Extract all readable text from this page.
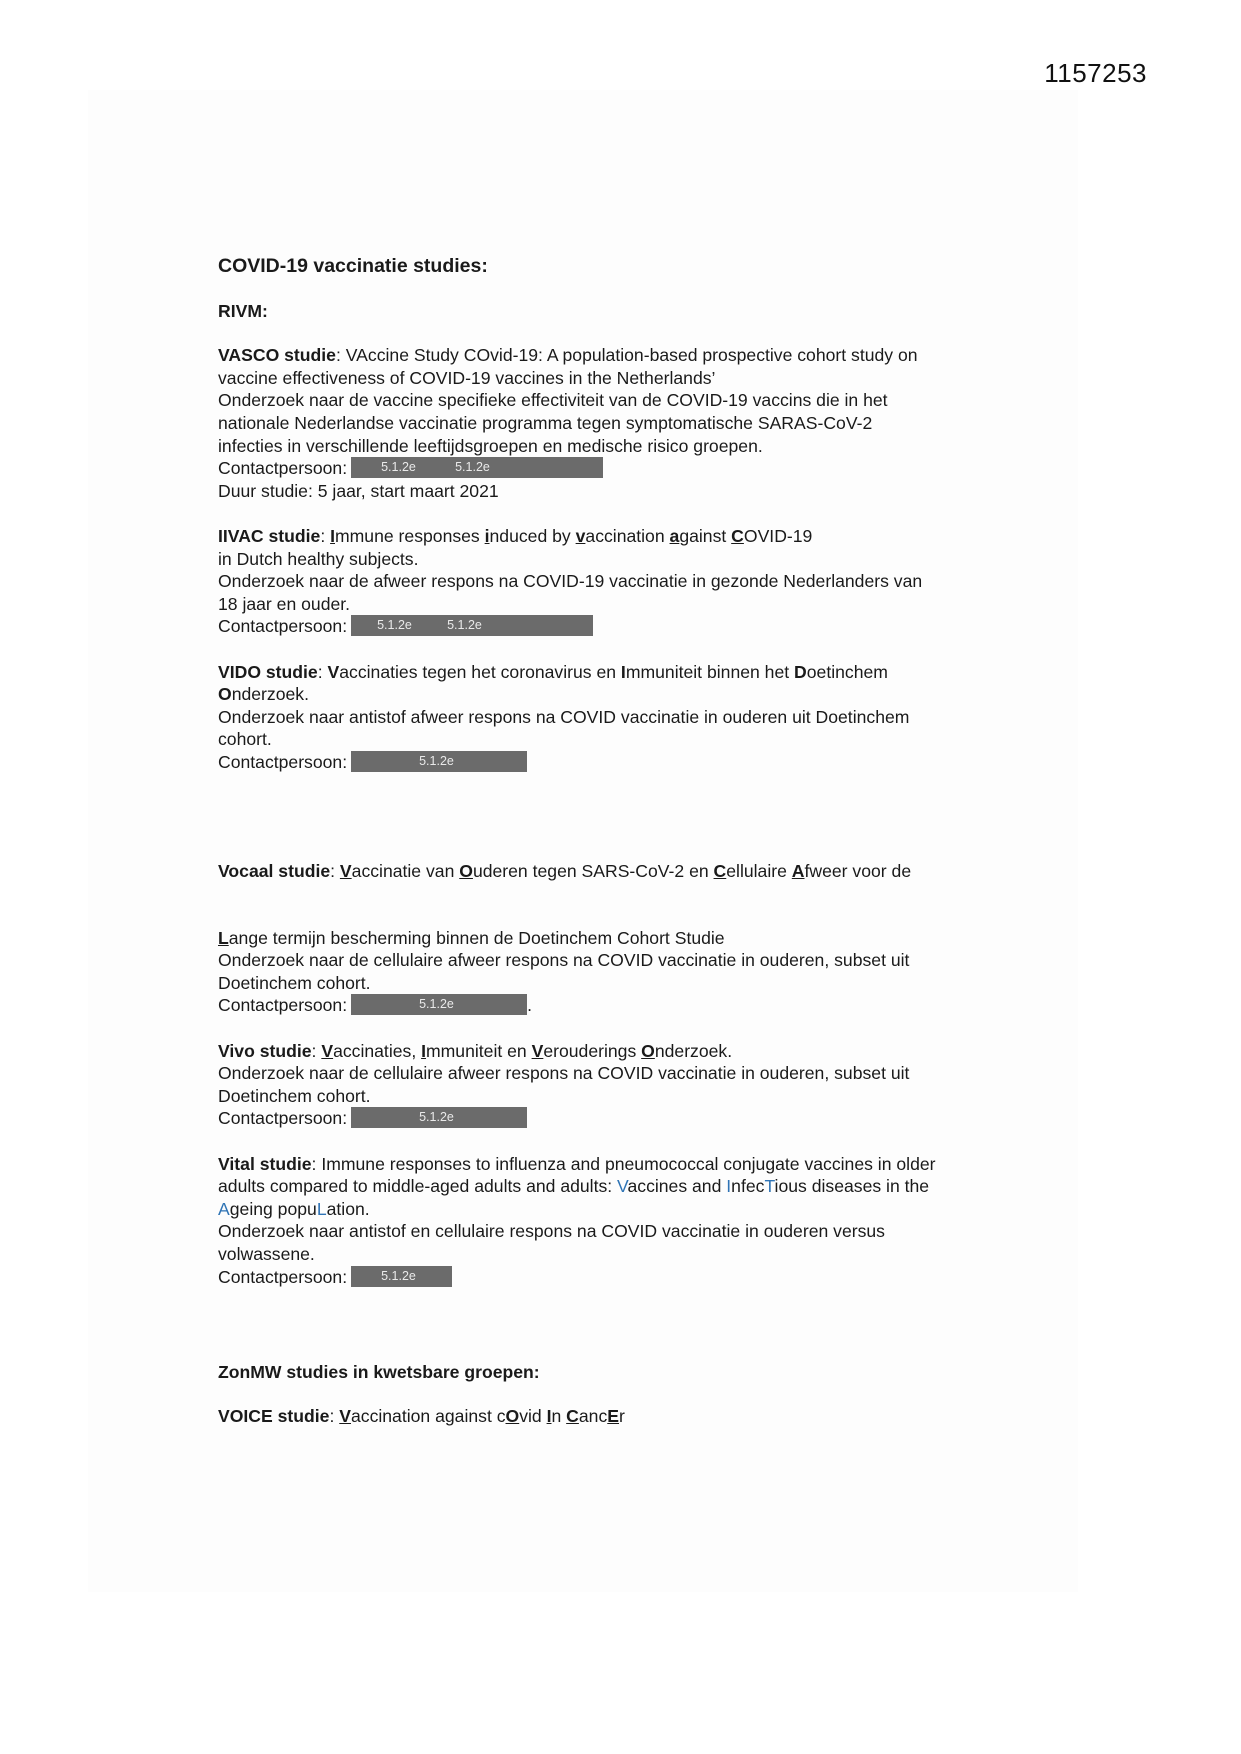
1157253
COVID-19 vaccinatie studies:
RIVM:
VASCO studie: VAccine Study COvid-19: A population-based prospective cohort study on
vaccine effectiveness of COVID-19 vaccines in the Netherlands’
Onderzoek naar de vaccine specifieke effectiviteit van de COVID-19 vaccins die in het
nationale Nederlandse vaccinatie programma tegen symptomatische SARAS-CoV-2
infecties in verschillende leeftijdsgroepen en medische risico groepen.
Contactpersoon:	5.1.2e	5.1.2e
Duur studie: 5 jaar, start maart 2021
IIVAC studie: Immune responses induced by vaccination against COVID-19
in Dutch healthy subjects.
Onderzoek naar de afweer respons na COVID-19 vaccinatie in gezonde Nederlanders van
18 jaar en ouder.
Contactpersoon: 5.1.2e	5.1.2e
VIDO studie: Vaccinaties tegen het coronavirus en Immuniteit binnen het Doetinchem
Onderzoek.
Onderzoek naar antistof afweer respons na COVID vaccinatie in ouderen uit Doetinchem
cohort.
Contactpersoon:	5.1.2e
Vocaal studie: Vaccinatie van Ouderen tegen SARS-CoV-2 en Cellulaire Afweer voor de
Lange termijn bescherming binnen de Doetinchem Cohort Studie
Onderzoek naar de cellulaire afweer respons na COVID vaccinatie in ouderen, subset uit
Doetinchem cohort.
Contactpersoon:	5.1.2e	.
Vivo studie: Vaccinaties, Immuniteit en Verouderings Onderzoek.
Onderzoek naar de cellulaire afweer respons na COVID vaccinatie in ouderen, subset uit
Doetinchem cohort.
Contactpersoon:	5.1.2e
Vital studie: Immune responses to influenza and pneumococcal conjugate vaccines in older
adults compared to middle-aged adults and adults: Vaccines and InfecTious diseases in the
Ageing popuLation.
Onderzoek naar antistof en cellulaire respons na COVID vaccinatie in ouderen versus
volwassene.
Contactpersoon:	5.1.2e
ZonMW studies in kwetsbare groepen:
VOICE studie: Vaccination against cOvid In CancEr
